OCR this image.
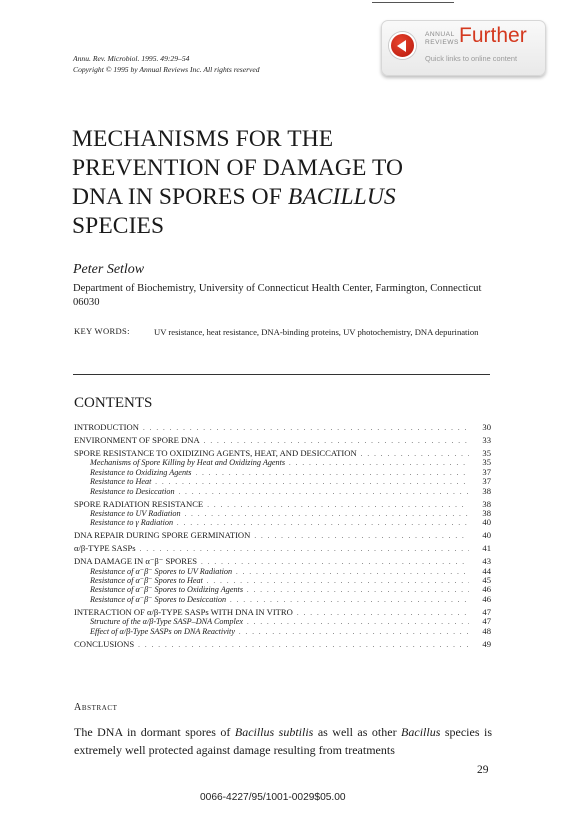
Annu. Rev. Microbiol. 1995. 49:29–54
Copyright © 1995 by Annual Reviews Inc. All rights reserved
ANNUAL
REVIEWS Further
Quick links to online content
MECHANISMS FOR THE
PREVENTION OF DAMAGE TO
DNA IN SPORES OF BACILLUS
SPECIES
Peter Setlow
Department of Biochemistry, University of Connecticut Health Center, Farmington, Connecticut 06030
KEY WORDS:	UV resistance, heat resistance, DNA-binding proteins, UV photochemistry, DNA depurination
CONTENTS
INTRODUCTION . . .	30
ENVIRONMENT OF SPORE DNA . . .	33
SPORE RESISTANCE TO OXIDIZING AGENTS, HEAT, AND DESICCATION . . .	35
Mechanisms of Spore Killing by Heat and Oxidizing Agents . . .	35
Resistance to Oxidizing Agents . . .	37
Resistance to Heat . . .	37
Resistance to Desiccation . . .	38
SPORE RADIATION RESISTANCE . . .	38
Resistance to UV Radiation . . .	38
Resistance to γ Radiation . . .	40
DNA REPAIR DURING SPORE GERMINATION . . .	40
α/β-TYPE SASPs . . .	41
DNA DAMAGE IN α⁻β⁻ SPORES . . .	43
Resistance of α⁻β⁻ Spores to UV Radiation . . .	44
Resistance of α⁻β⁻ Spores to Heat . . .	45
Resistance of α⁻β⁻ Spores to Oxidizing Agents . . .	46
Resistance of α⁻β⁻ Spores to Desiccation . . .	46
INTERACTION OF α/β-TYPE SASPs WITH DNA IN VITRO . . .	47
Structure of the α/β-Type SASP–DNA Complex . . .	47
Effect of α/β-Type SASPs on DNA Reactivity . . .	48
CONCLUSIONS . . .	49
Abstract
The DNA in dormant spores of Bacillus subtilis as well as other Bacillus species is extremely well protected against damage resulting from treatments
29
0066-4227/95/1001-0029$05.00
